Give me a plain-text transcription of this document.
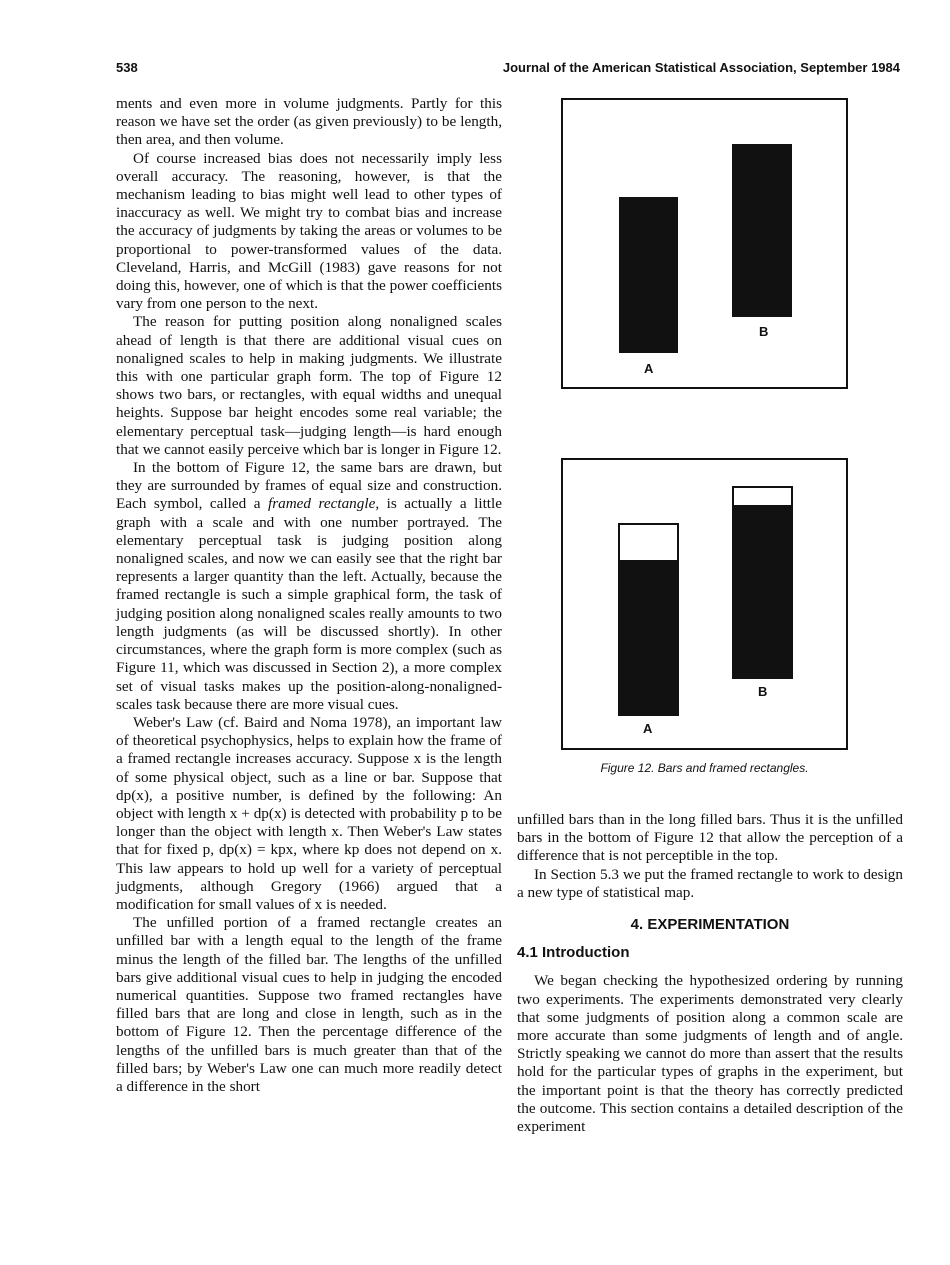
538	Journal of the American Statistical Association, September 1984

ments and even more in volume judgments. Partly for this reason we have set the order (as given previously) to be length, then area, and then volume.

Of course increased bias does not necessarily imply less overall accuracy. The reasoning, however, is that the mechanism leading to bias might well lead to other types of inaccuracy as well. We might try to combat bias and increase the accuracy of judgments by taking the areas or volumes to be proportional to power-transformed values of the data. Cleveland, Harris, and McGill (1983) gave reasons for not doing this, however, one of which is that the power coefficients vary from one person to the next.

The reason for putting position along nonaligned scales ahead of length is that there are additional visual cues on nonaligned scales to help in making judgments. We illustrate this with one particular graph form. The top of Figure 12 shows two bars, or rectangles, with equal widths and unequal heights. Suppose bar height encodes some real variable; the elementary perceptual task—judging length—is hard enough that we cannot easily perceive which bar is longer in Figure 12.

In the bottom of Figure 12, the same bars are drawn, but they are surrounded by frames of equal size and construction. Each symbol, called a framed rectangle, is actually a little graph with a scale and with one number portrayed. The elementary perceptual task is judging position along nonaligned scales, and now we can easily see that the right bar represents a larger quantity than the left. Actually, because the framed rectangle is such a simple graphical form, the task of judging position along nonaligned scales really amounts to two length judgments (as will be discussed shortly). In other circumstances, where the graph form is more complex (such as Figure 11, which was discussed in Section 2), a more complex set of visual tasks makes up the position-along-nonaligned-scales task because there are more visual cues.

Weber's Law (cf. Baird and Noma 1978), an important law of theoretical psychophysics, helps to explain how the frame of a framed rectangle increases accuracy. Suppose x is the length of some physical object, such as a line or bar. Suppose that dp(x), a positive number, is defined by the following: An object with length x + dp(x) is detected with probability p to be longer than the object with length x. Then Weber's Law states that for fixed p, dp(x) = kpx, where kp does not depend on x. This law appears to hold up well for a variety of perceptual judgments, although Gregory (1966) argued that a modification for small values of x is needed.

The unfilled portion of a framed rectangle creates an unfilled bar with a length equal to the length of the frame minus the length of the filled bar. The lengths of the unfilled bars give additional visual cues to help in judging the encoded numerical quantities. Suppose two framed rectangles have filled bars that are long and close in length, such as in the bottom of Figure 12. Then the percentage difference of the lengths of the unfilled bars is much greater than that of the filled bars; by Weber's Law one can much more readily detect a difference in the short

A
B
A
B
Figure 12. Bars and framed rectangles.

unfilled bars than in the long filled bars. Thus it is the unfilled bars in the bottom of Figure 12 that allow the perception of a difference that is not perceptible in the top.

In Section 5.3 we put the framed rectangle to work to design a new type of statistical map.

4. EXPERIMENTATION
4.1 Introduction

We began checking the hypothesized ordering by running two experiments. The experiments demonstrated very clearly that some judgments of position along a common scale are more accurate than some judgments of length and of angle. Strictly speaking we cannot do more than assert that the results hold for the particular types of graphs in the experiment, but the important point is that the theory has correctly predicted the outcome. This section contains a detailed description of the experiment
